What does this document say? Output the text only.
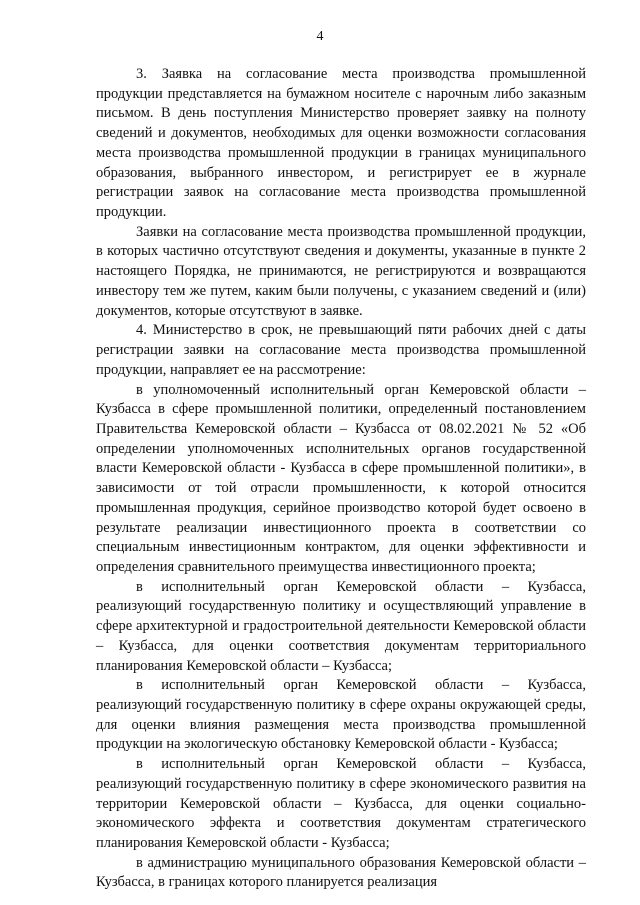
4

3. Заявка на согласование места производства промышленной продукции представляется на бумажном носителе с нарочным либо заказным письмом. В день поступления Министерство проверяет заявку на полноту сведений и документов, необходимых для оценки возможности согласования места производства промышленной продукции в границах муниципального образования, выбранного инвестором, и регистрирует ее в журнале регистрации заявок на согласование места производства промышленной продукции.

Заявки на согласование места производства промышленной продукции, в которых частично отсутствуют сведения и документы, указанные в пункте 2 настоящего Порядка, не принимаются, не регистрируются и возвращаются инвестору тем же путем, каким были получены, с указанием сведений и (или) документов, которые отсутствуют в заявке.

4. Министерство в срок, не превышающий пяти рабочих дней с даты регистрации заявки на согласование места производства промышленной продукции, направляет ее на рассмотрение:

в уполномоченный исполнительный орган Кемеровской области – Кузбасса в сфере промышленной политики, определенный постановлением Правительства Кемеровской области – Кузбасса от 08.02.2021 № 52 «Об определении уполномоченных исполнительных органов государственной власти Кемеровской области - Кузбасса в сфере промышленной политики», в зависимости от той отрасли промышленности, к которой относится промышленная продукция, серийное производство которой будет освоено в результате реализации инвестиционного проекта в соответствии со специальным инвестиционным контрактом, для оценки эффективности и определения сравнительного преимущества инвестиционного проекта;

в исполнительный орган Кемеровской области – Кузбасса, реализующий государственную политику и осуществляющий управление в сфере архитектурной и градостроительной деятельности Кемеровской области – Кузбасса, для оценки соответствия документам территориального планирования Кемеровской области – Кузбасса;

в исполнительный орган Кемеровской области – Кузбасса, реализующий государственную политику в сфере охраны окружающей среды, для оценки влияния размещения места производства промышленной продукции на экологическую обстановку Кемеровской области - Кузбасса;

в исполнительный орган Кемеровской области – Кузбасса, реализующий государственную политику в сфере экономического развития на территории Кемеровской области – Кузбасса, для оценки социально-экономического эффекта и соответствия документам стратегического планирования Кемеровской области - Кузбасса;

в администрацию муниципального образования Кемеровской области – Кузбасса, в границах которого планируется реализация
